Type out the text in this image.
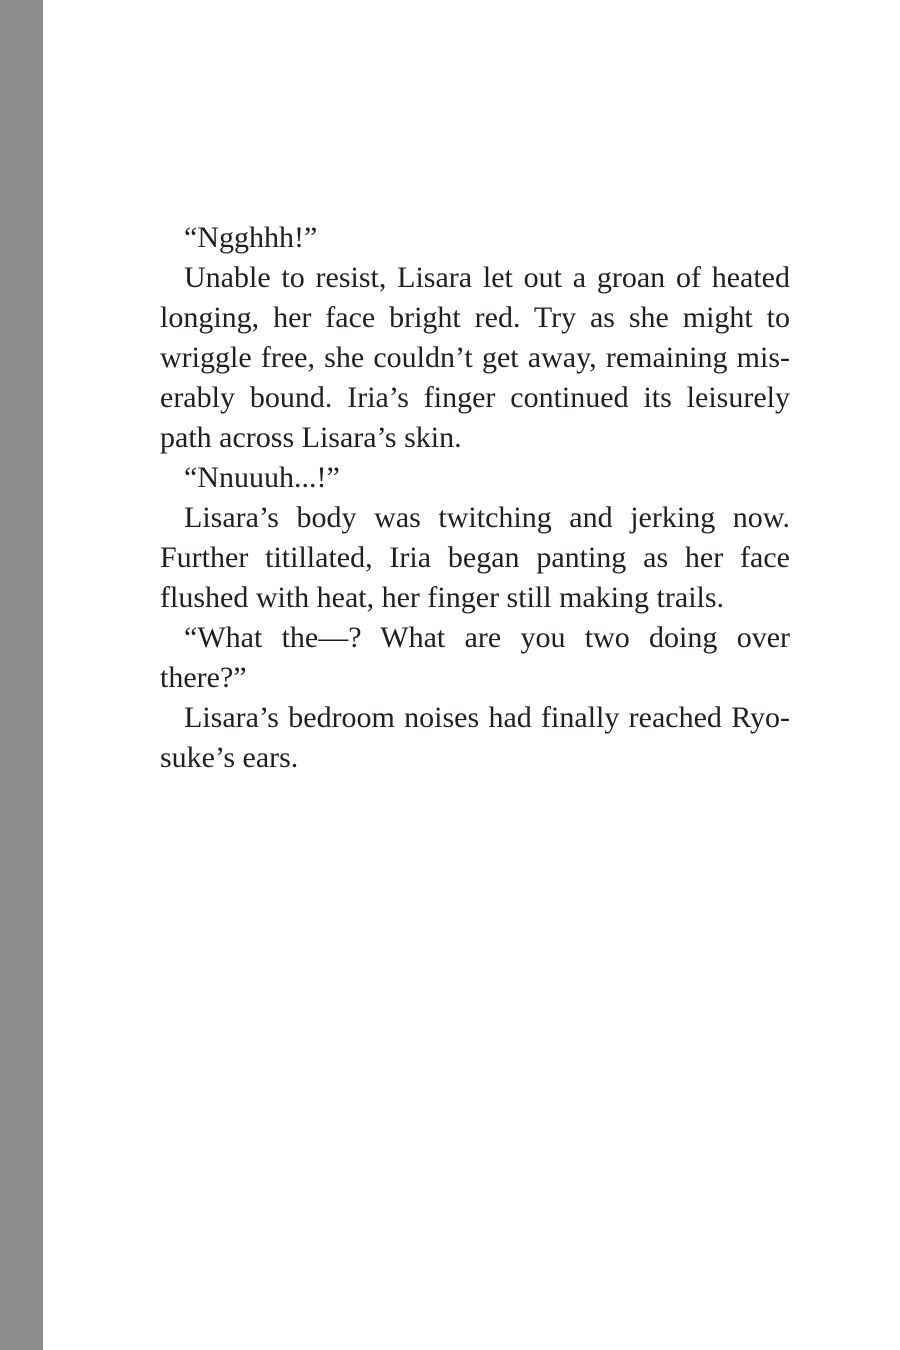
“Ngghhh!”
Unable to resist, Lisara let out a groan of heated
longing, her face bright red. Try as she might to
wriggle free, she couldn’t get away, remaining mis-
erably bound. Iria’s finger continued its leisurely
path across Lisara’s skin.
“Nnuuuh...!”
Lisara’s body was twitching and jerking now.
Further titillated, Iria began panting as her face
flushed with heat, her finger still making trails.
“What the—? What are you two doing over
there?”
Lisara’s bedroom noises had finally reached Ryo-
suke’s ears.
